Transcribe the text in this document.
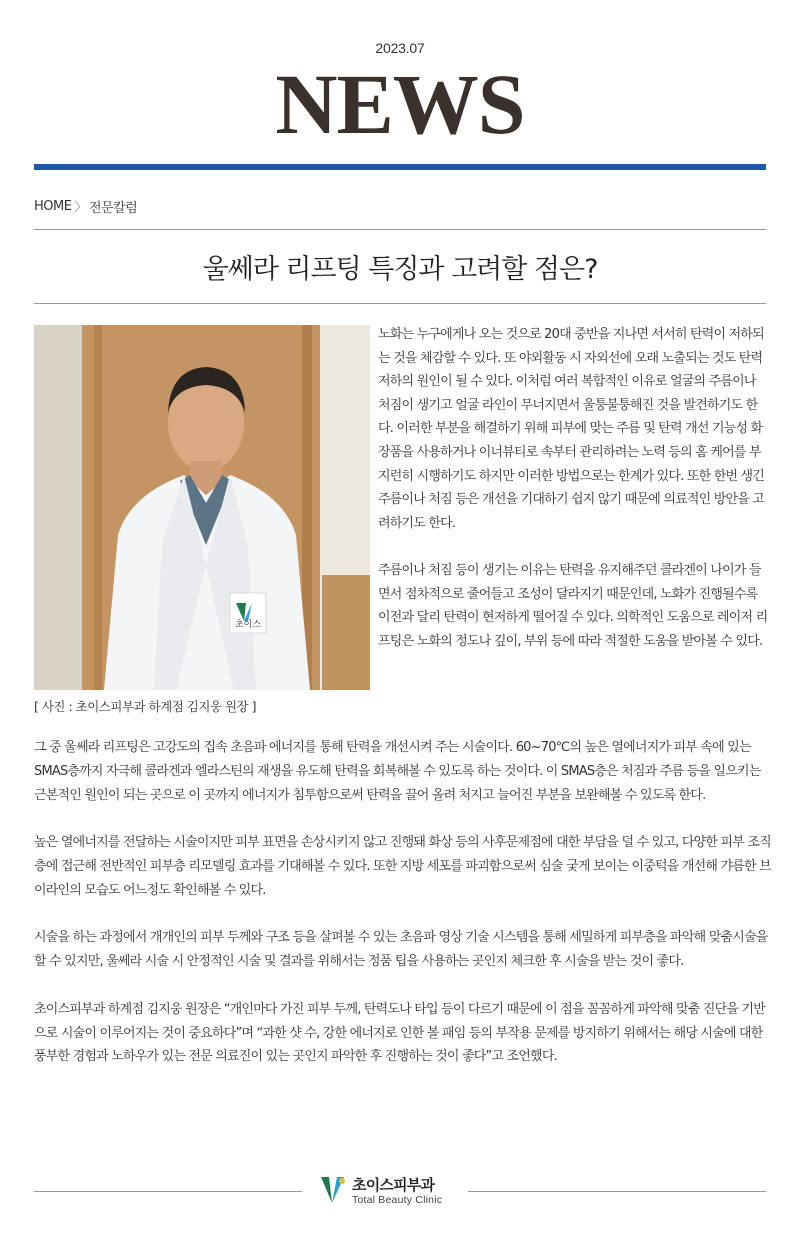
2023.07
NEWS
HOME 〉 전문칼럼
울쎄라 리프팅 특징과 고려할 점은?
초이스
[ 사진 : 초이스피부과 하계점 김지웅 원장 ]

노화는 누구에게나 오는 것으로 20대 중반을 지나면 서서히 탄력이 저하되는 것을 체감할 수 있다. 또 야외활동 시 자외선에 오래 노출되는 것도 탄력 저하의 원인이 될 수 있다. 이처럼 여러 복합적인 이유로 얼굴의 주름이나 처짐이 생기고 얼굴 라인이 무너지면서 울퉁불퉁해진 것을 발견하기도 한다. 이러한 부분을 해결하기 위해 피부에 맞는 주름 및 탄력 개선 기능성 화장품을 사용하거나 이너뷰티로 속부터 관리하려는 노력 등의 홈 케어를 부지런히 시행하기도 하지만 이러한 방법으로는 한계가 있다. 또한 한번 생긴 주름이나 처짐 등은 개선을 기대하기 쉽지 않기 때문에 의료적인 방안을 고려하기도 한다.

주름이나 처짐 등이 생기는 이유는 탄력을 유지해주던 콜라겐이 나이가 들면서 점차적으로 줄어들고 조성이 달라지기 때문인데, 노화가 진행될수록 이전과 달리 탄력이 현저하게 떨어질 수 있다. 의학적인 도움으로 레이저 리프팅은 노화의 정도나 깊이, 부위 등에 따라 적절한 도움을 받아볼 수 있다.

그 중 울쎄라 리프팅은 고강도의 집속 초음파 에너지를 통해 탄력을 개선시켜 주는 시술이다. 60~70℃의 높은 열에너지가 피부 속에 있는 SMAS층까지 자극해 콜라겐과 엘라스틴의 재생을 유도해 탄력을 회복해볼 수 있도록 하는 것이다. 이 SMAS층은 처짐과 주름 등을 일으키는 근본적인 원인이 되는 곳으로 이 곳까지 에너지가 침투함으로써 탄력을 끌어 올려 처지고 늘어진 부분을 보완해볼 수 있도록 한다.

높은 열에너지를 전달하는 시술이지만 피부 표면을 손상시키지 않고 진행돼 화상 등의 사후문제점에 대한 부담을 덜 수 있고, 다양한 피부 조직층에 접근해 전반적인 피부층 리모델링 효과를 기대해볼 수 있다. 또한 지방 세포를 파괴함으로써 심술 궂게 보이는 이중턱을 개선해 갸름한 브이라인의 모습도 어느정도 확인해볼 수 있다.

시술을 하는 과정에서 개개인의 피부 두께와 구조 등을 살펴볼 수 있는 초음파 영상 기술 시스템을 통해 세밀하게 피부층을 파악해 맞춤시술을 할 수 있지만, 울쎄라 시술 시 안정적인 시술 및 결과를 위해서는 정품 팁을 사용하는 곳인지 체크한 후 시술을 받는 것이 좋다.

초이스피부과 하계점 김지웅 원장은 “개인마다 가진 피부 두께, 탄력도나 타입 등이 다르기 때문에 이 점을 꼼꼼하게 파악해 맞춤 진단을 기반으로 시술이 이루어지는 것이 중요하다”며 “과한 샷 수, 강한 에너지로 인한 볼 패임 등의 부작용 문제를 방지하기 위해서는 해당 시술에 대한 풍부한 경험과 노하우가 있는 전문 의료진이 있는 곳인지 파악한 후 진행하는 것이 좋다”고 조언했다.

초이스피부과
Total Beauty Clinic
